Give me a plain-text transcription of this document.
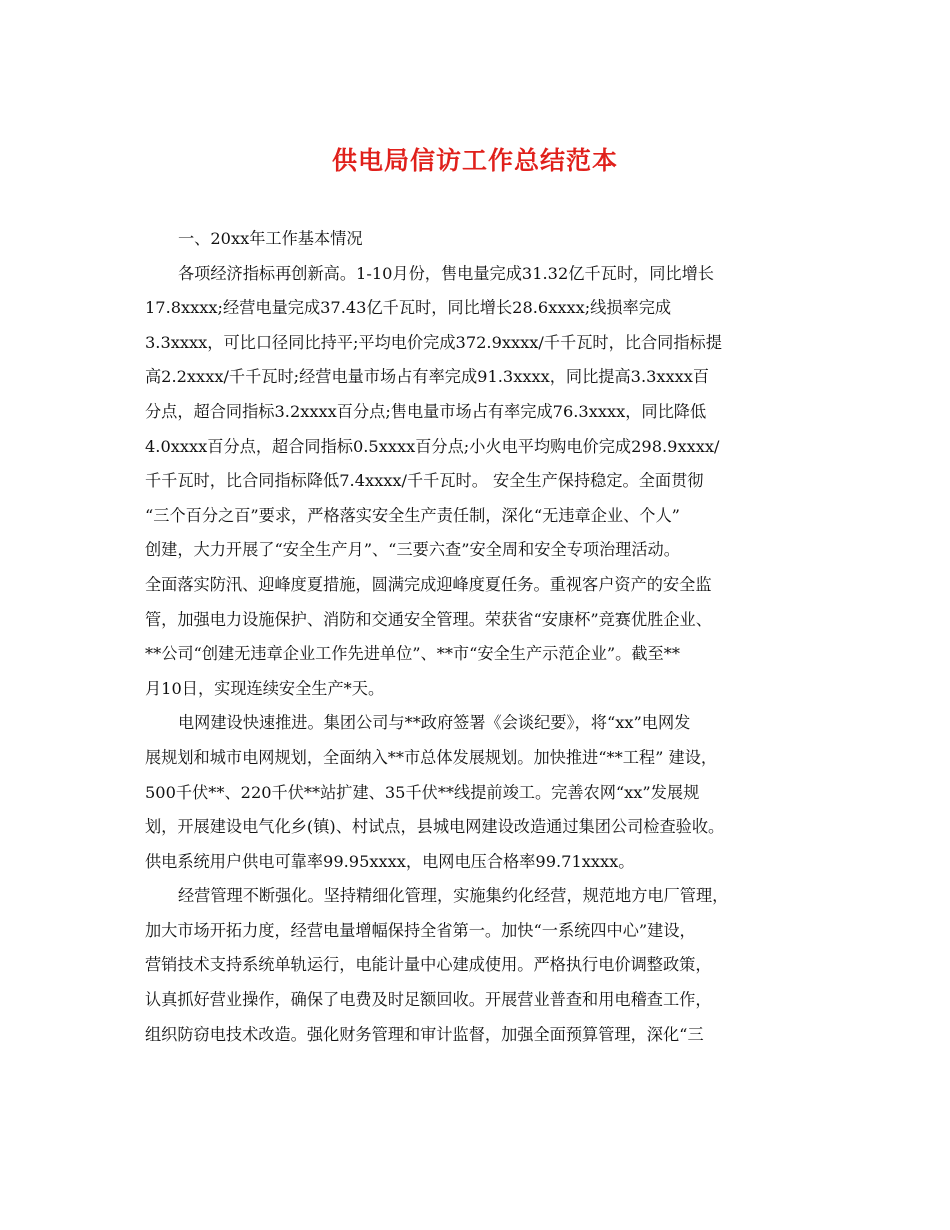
供电局信访工作总结范本
一、20xx年工作基本情况
各项经济指标再创新高。1-10月份，售电量完成31.32亿千瓦时，同比增长
17.8xxxx;经营电量完成37.43亿千瓦时，同比增长28.6xxxx;线损率完成
3.3xxxx，可比口径同比持平;平均电价完成372.9xxxx/千千瓦时，比合同指标提
高2.2xxxx/千千瓦时;经营电量市场占有率完成91.3xxxx，同比提高3.3xxxx百
分点，超合同指标3.2xxxx百分点;售电量市场占有率完成76.3xxxx，同比降低
4.0xxxx百分点，超合同指标0.5xxxx百分点;小火电平均购电价完成298.9xxxx/
千千瓦时，比合同指标降低7.4xxxx/千千瓦时。 安全生产保持稳定。全面贯彻
“三个百分之百”要求，严格落实安全生产责任制，深化“无违章企业、个人”
创建，大力开展了“安全生产月”、“三要六查”安全周和安全专项治理活动。
全面落实防汛、迎峰度夏措施，圆满完成迎峰度夏任务。重视客户资产的安全监
管，加强电力设施保护、消防和交通安全管理。荣获省“安康杯”竞赛优胜企业、
**公司“创建无违章企业工作先进单位”、**市“安全生产示范企业”。截至**
月10日，实现连续安全生产*天。
电网建设快速推进。集团公司与**政府签署《会谈纪要》，将“xx”电网发
展规划和城市电网规划，全面纳入**市总体发展规划。加快推进“**工程” 建设，
500千伏**、220千伏**站扩建、35千伏**线提前竣工。完善农网“xx”发展规
划，开展建设电气化乡(镇)、村试点，县城电网建设改造通过集团公司检查验收。
供电系统用户供电可靠率99.95xxxx，电网电压合格率99.71xxxx。
经营管理不断强化。坚持精细化管理，实施集约化经营，规范地方电厂管理，
加大市场开拓力度，经营电量增幅保持全省第一。加快“一系统四中心”建设，
营销技术支持系统单轨运行，电能计量中心建成使用。严格执行电价调整政策，
认真抓好营业操作，确保了电费及时足额回收。开展营业普查和用电稽查工作，
组织防窃电技术改造。强化财务管理和审计监督，加强全面预算管理，深化“三
